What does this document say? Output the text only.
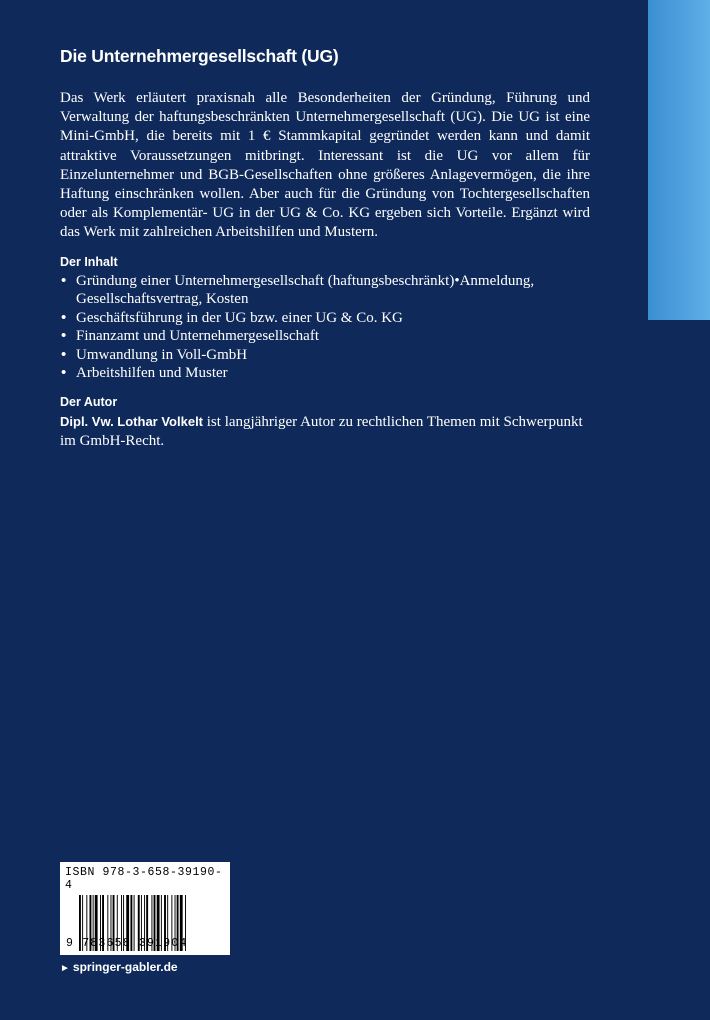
Die Unternehmergesellschaft (UG)

Das Werk erläutert praxisnah alle Besonderheiten der Gründung, Führung und Verwaltung der haftungsbeschränkten Unternehmergesellschaft (UG). Die UG ist eine Mini-GmbH, die bereits mit 1 € Stammkapital gegründet werden kann und damit attraktive Voraussetzungen mitbringt. Interessant ist die UG vor allem für Einzelunternehmer und BGB-Gesellschaften ohne größeres Anlagevermögen, die ihre Haftung einschränken wollen. Aber auch für die Gründung von Tochtergesellschaften oder als Komplementär- UG in der UG & Co. KG ergeben sich Vorteile. Ergänzt wird das Werk mit zahlreichen Arbeitshilfen und Mustern.

Der Inhalt
• Gründung einer Unternehmergesellschaft (haftungsbeschränkt)•Anmeldung, Gesellschaftsvertrag, Kosten
• Geschäftsführung in der UG bzw. einer UG & Co. KG
• Finanzamt und Unternehmergesellschaft
• Umwandlung in Voll-GmbH
• Arbeitshilfen und Muster
Der Autor

Dipl. Vw. Lothar Volkelt ist langjähriger Autor zu rechtlichen Themen mit Schwerpunkt im GmbH-Recht.

ISBN 978-3-658-39190-4
9 783658 391904
► springer-gabler.de
